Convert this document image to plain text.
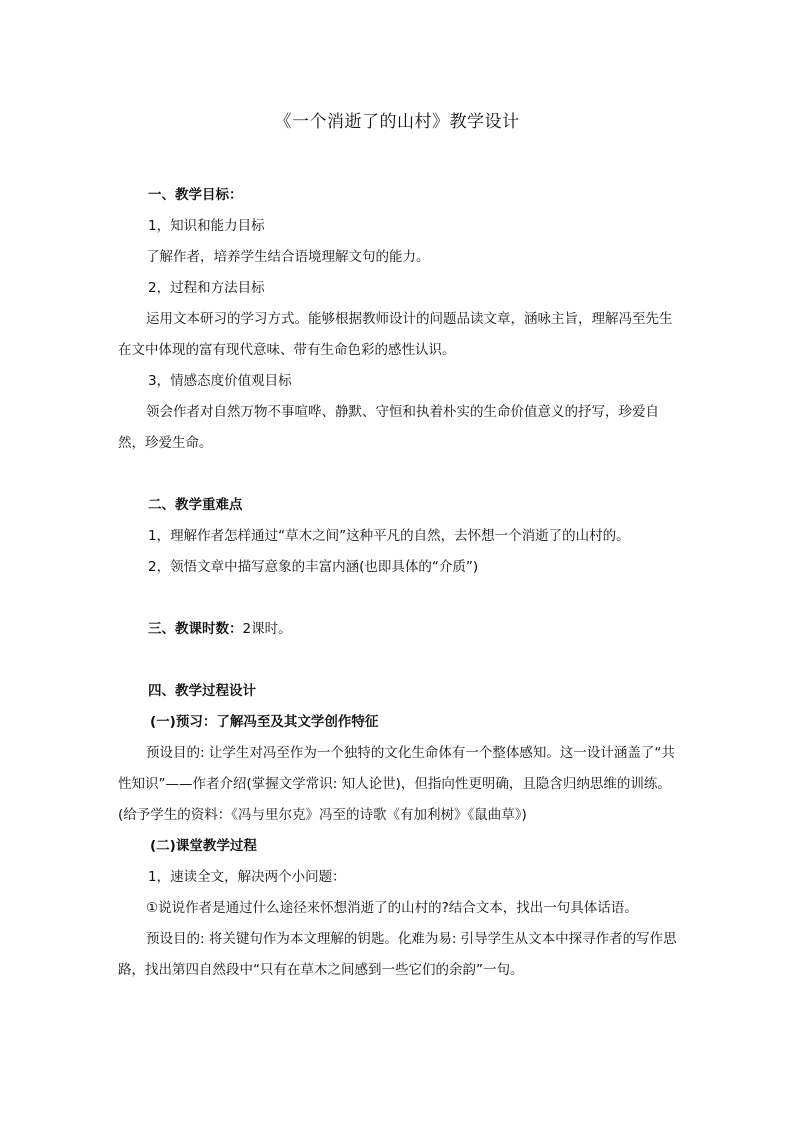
《一个消逝了的山村》教学设计

一、教学目标：

1，知识和能力目标

了解作者，培养学生结合语境理解文句的能力。

2，过程和方法目标

运用文本研习的学习方式。能够根据教师设计的问题品读文章，涵咏主旨，理解冯至先生在文中体现的富有现代意味、带有生命色彩的感性认识。

3，情感态度价值观目标

领会作者对自然万物不事喧哗、静默、守恒和执着朴实的生命价值意义的抒写，珍爱自然，珍爱生命。

二、教学重难点

1，理解作者怎样通过“草木之间”这种平凡的自然，去怀想一个消逝了的山村的。

2，领悟文章中描写意象的丰富内涵(也即具体的“介质”)

三、教课时数：2课时。

四、教学过程设计

(一)预习：了解冯至及其文学创作特征

预设目的: 让学生对冯至作为一个独特的文化生命体有一个整体感知。这一设计涵盖了“共性知识”——作者介绍(掌握文学常识: 知人论世)，但指向性更明确，且隐含归纳思维的训练。(给予学生的资料：《冯与里尔克》冯至的诗歌《有加利树》《鼠曲草》)

(二)课堂教学过程

1，速读全文，解决两个小问题：

①说说作者是通过什么途径来怀想消逝了的山村的?结合文本，找出一句具体话语。

预设目的: 将关键句作为本文理解的钥匙。化难为易: 引导学生从文本中探寻作者的写作思路，找出第四自然段中“只有在草木之间感到一些它们的余韵”一句。
